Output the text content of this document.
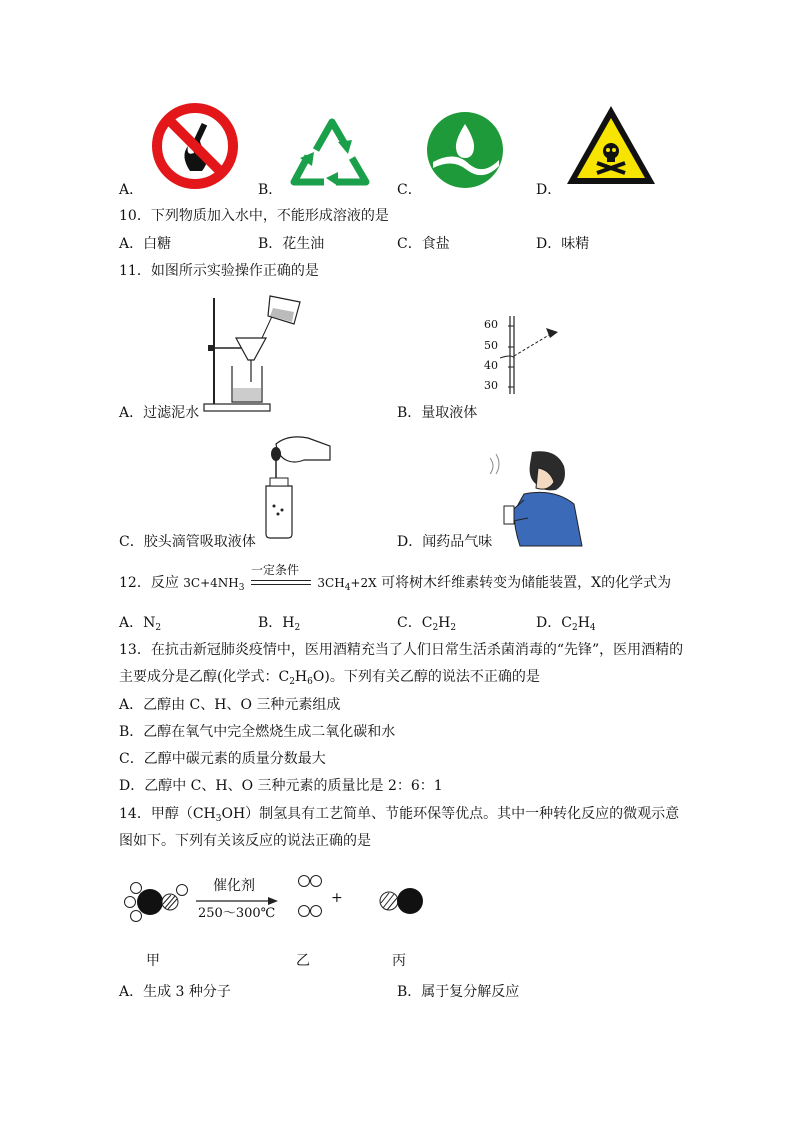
A．	B．	C．	D．
10．下列物质加入水中，不能形成溶液的是
A．白糖	B．花生油	C．食盐	D．味精
11．如图所示实验操作正确的是
A．过滤泥水
60
50
40
30
B．量取液体
C．胶头滴管吸取液体	D．闻药品气味
12．反应 $3C+4NH_3$
一定条件
$3CH_4+2X$ 可将树木纤维素转变为储能装置，X的化学式为
A．$N_2$	B．$H_2$	C．$C_2H_2$	D．$C_2H_4$
13．在抗击新冠肺炎疫情中，医用酒精充当了人们日常生活杀菌消毒的“先锋”，医用酒精的
主要成分是乙醇(化学式：$C_2H_6O$)。下列有关乙醇的说法不正确的是
A．乙醇由 C、H、O 三种元素组成
B．乙醇在氧气中完全燃烧生成二氧化碳和水
C．乙醇中碳元素的质量分数最大
D．乙醇中 C、H、O 三种元素的质量比是 2：6：1
14．甲醇$(CH_3OH)$制氢具有工艺简单、节能环保等优点。其中一种转化反应的微观示意
图如下。下列有关该反应的说法正确的是
催化剂
250～300℃
+
甲	乙	丙
A．生成 3 种分子	B．属于复分解反应
